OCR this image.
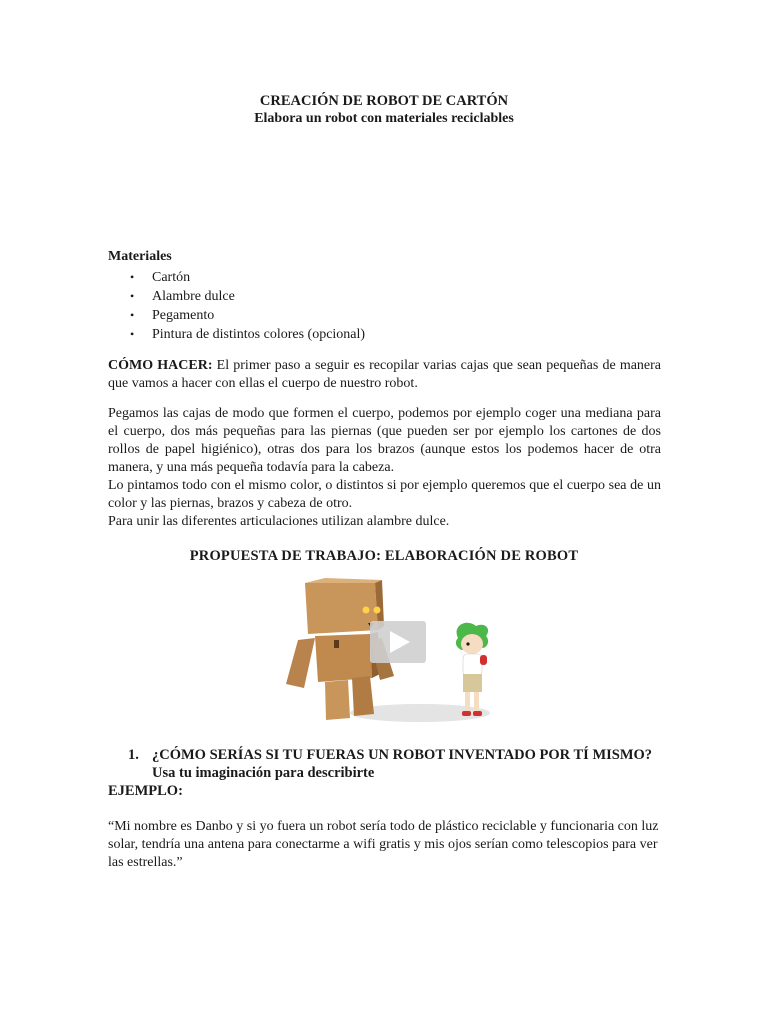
CREACIÓN DE ROBOT DE CARTÓN
Elabora un robot con materiales reciclables
Materiales
• Cartón
• Alambre dulce
• Pegamento
• Pintura de distintos colores (opcional)

CÓMO HACER: El primer paso a seguir es recopilar varias cajas que sean pequeñas de manera que vamos a hacer con ellas el cuerpo de nuestro robot.

Pegamos las cajas de modo que formen el cuerpo, podemos por ejemplo coger una mediana para el cuerpo, dos más pequeñas para las piernas (que pueden ser por ejemplo los cartones de dos rollos de papel higiénico), otras dos para los brazos (aunque estos los podemos hacer de otra manera, y una más pequeña todavía para la cabeza.

Lo pintamos todo con el mismo color, o distintos si por ejemplo queremos que el cuerpo sea de un color y las piernas, brazos y cabeza de otro.

Para unir las diferentes articulaciones utilizan alambre dulce.

PROPUESTA DE TRABAJO: ELABORACIÓN DE ROBOT
1. ¿CÓMO SERÍAS SI TU FUERAS UN ROBOT INVENTADO POR TÍ MISMO? Usa tu imaginación para describirte
EJEMPLO:
“Mi nombre es Danbo y si yo fuera un robot sería todo de plástico reciclable y funcionaria con luz solar, tendría una antena para conectarme a wifi gratis y mis ojos serían como telescopios para ver las estrellas.”
